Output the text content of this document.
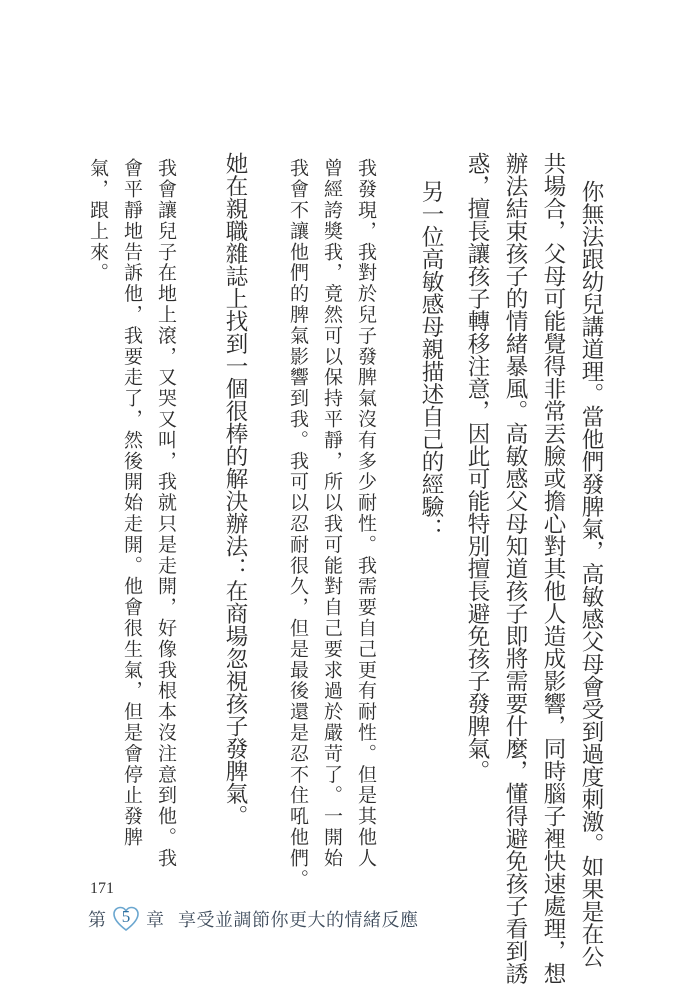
你無法跟幼兒講道理。當他們發脾氣，高敏感父母會受到過度刺激。如果是在公
共場合，父母可能覺得非常丟臉或擔心對其他人造成影響，同時腦子裡快速處理，想
辦法結束孩子的情緒暴風。高敏感父母知道孩子即將需要什麼，懂得避免孩子看到誘
惑，擅長讓孩子轉移注意，因此可能特別擅長避免孩子發脾氣。
另一位高敏感母親描述自己的經驗：
我發現，我對於兒子發脾氣沒有多少耐性。我需要自己更有耐性。但是其他人
曾經誇獎我，竟然可以保持平靜，所以我可能對自己要求過於嚴苛了。一開始
我會不讓他們的脾氣影響到我。我可以忍耐很久，但是最後還是忍不住吼他們。
她在親職雜誌上找到一個很棒的解決辦法：在商場忽視孩子發脾氣。
我會讓兒子在地上滾，又哭又叫，我就只是走開，好像我根本沒注意到他。我
會平靜地告訴他，我要走了，然後開始走開。他會很生氣，但是會停止發脾
氣，跟上來。
171
第 5 章 享受並調節你更大的情緒反應
